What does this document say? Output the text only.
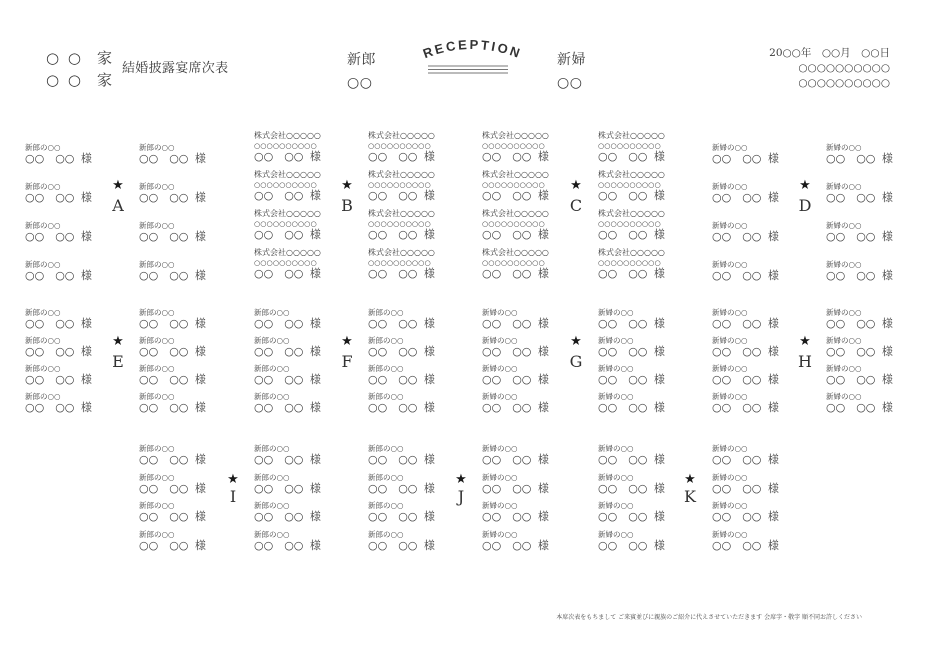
○ ○ 家
○ ○ 家
結婚披露宴席次表
新郎
○○
RECEPTION 新婦
○○
20○○年　○○月　○○日
○○○○○○○○○○
○○○○○○○○○○
★
A
新郎の○○
○○　○○ 様
新郎の○○
○○　○○ 様
新郎の○○
○○　○○ 様
新郎の○○
○○　○○ 様
新郎の○○
○○　○○ 様
新郎の○○
○○　○○ 様
新郎の○○
○○　○○ 様
新郎の○○
○○　○○ 様
★
B
株式会社○○○○○
○○○○○○○○○○
○○　○○ 様
株式会社○○○○○
○○○○○○○○○○
○○　○○ 様
株式会社○○○○○
○○○○○○○○○○
○○　○○ 様
株式会社○○○○○
○○○○○○○○○○
○○　○○ 様
株式会社○○○○○
○○○○○○○○○○
○○　○○ 様
株式会社○○○○○
○○○○○○○○○○
○○　○○ 様
株式会社○○○○○
○○○○○○○○○○
○○　○○ 様
株式会社○○○○○
○○○○○○○○○○
○○　○○ 様
★
C
株式会社○○○○○
○○○○○○○○○○
○○　○○ 様
株式会社○○○○○
○○○○○○○○○○
○○　○○ 様
株式会社○○○○○
○○○○○○○○○○
○○　○○ 様
株式会社○○○○○
○○○○○○○○○○
○○　○○ 様
株式会社○○○○○
○○○○○○○○○○
○○　○○ 様
株式会社○○○○○
○○○○○○○○○○
○○　○○ 様
株式会社○○○○○
○○○○○○○○○○
○○　○○ 様
株式会社○○○○○
○○○○○○○○○○
○○　○○ 様
★
D
新婦の○○
○○　○○ 様
新婦の○○
○○　○○ 様
新婦の○○
○○　○○ 様
新婦の○○
○○　○○ 様
新婦の○○
○○　○○ 様
新婦の○○
○○　○○ 様
新婦の○○
○○　○○ 様
新婦の○○
○○　○○ 様
★
E
新郎の○○
○○　○○ 様
新郎の○○
○○　○○ 様
新郎の○○
○○　○○ 様
新郎の○○
○○　○○ 様
新郎の○○
○○　○○ 様
新郎の○○
○○　○○ 様
新郎の○○
○○　○○ 様
新郎の○○
○○　○○ 様
★
F
新郎の○○
○○　○○ 様
新郎の○○
○○　○○ 様
新郎の○○
○○　○○ 様
新郎の○○
○○　○○ 様
新郎の○○
○○　○○ 様
新郎の○○
○○　○○ 様
新郎の○○
○○　○○ 様
新郎の○○
○○　○○ 様
★
G
新婦の○○
○○　○○ 様
新婦の○○
○○　○○ 様
新婦の○○
○○　○○ 様
新婦の○○
○○　○○ 様
新婦の○○
○○　○○ 様
新婦の○○
○○　○○ 様
新婦の○○
○○　○○ 様
新婦の○○
○○　○○ 様
★
H
新婦の○○
○○　○○ 様
新婦の○○
○○　○○ 様
新婦の○○
○○　○○ 様
新婦の○○
○○　○○ 様
新婦の○○
○○　○○ 様
新婦の○○
○○　○○ 様
新婦の○○
○○　○○ 様
新婦の○○
○○　○○ 様
★
I
新郎の○○
○○　○○ 様
新郎の○○
○○　○○ 様
新郎の○○
○○　○○ 様
新郎の○○
○○　○○ 様
新郎の○○
○○　○○ 様
新郎の○○
○○　○○ 様
新郎の○○
○○　○○ 様
新郎の○○
○○　○○ 様
★
J
新郎の○○
○○　○○ 様
新郎の○○
○○　○○ 様
新郎の○○
○○　○○ 様
新郎の○○
○○　○○ 様
新婦の○○
○○　○○ 様
新婦の○○
○○　○○ 様
新婦の○○
○○　○○ 様
新婦の○○
○○　○○ 様
★
K
新婦の○○
○○　○○ 様
新婦の○○
○○　○○ 様
新婦の○○
○○　○○ 様
新婦の○○
○○　○○ 様
新婦の○○
○○　○○ 様
新婦の○○
○○　○○ 様
新婦の○○
○○　○○ 様
新婦の○○
○○　○○ 様
本席次表をもちまして ご来賓並びに親族のご紹介に代えさせていただきます 会席字・敬字 順不同お許しください
